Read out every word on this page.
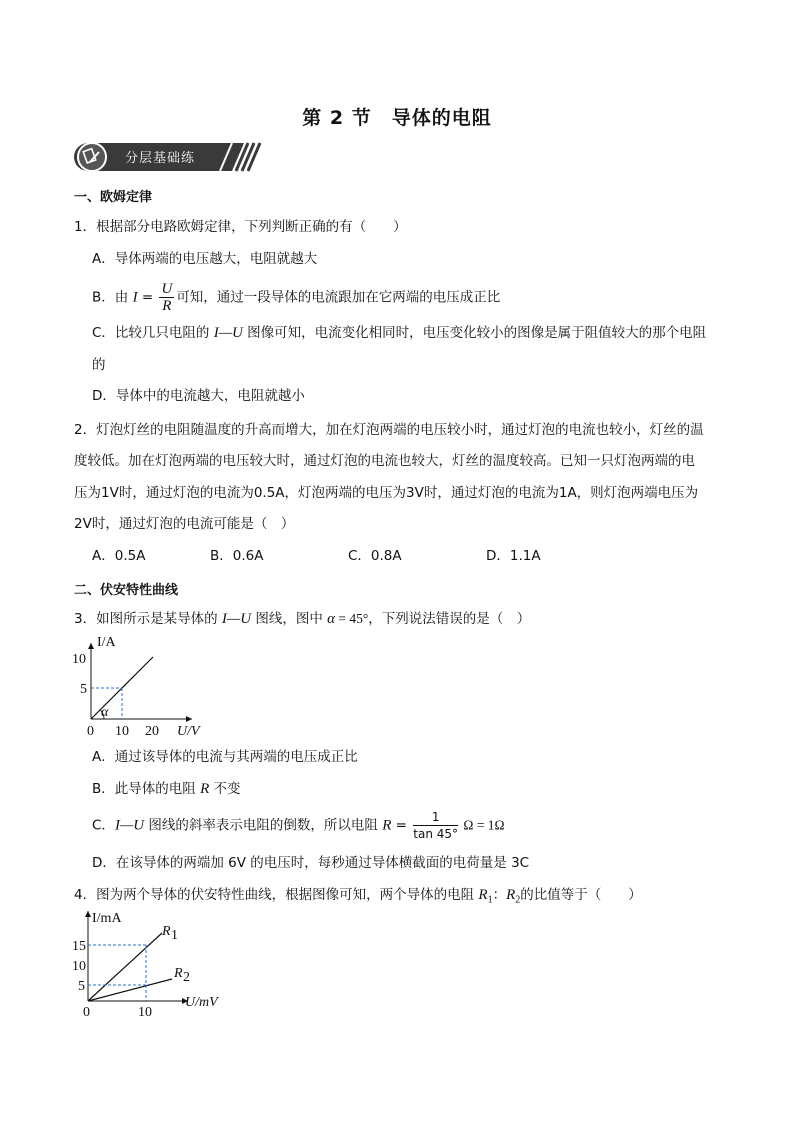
第 2 节　导体的电阻
分层基础练
一、欧姆定律
1．根据部分电路欧姆定律，下列判断正确的有（　　）
A．导体两端的电压越大，电阻就越大
B．由 $I = \frac{U}{R}$ 可知，通过一段导体的电流跟加在它两端的电压成正比
C．比较几只电阻的 I—U 图像可知，电流变化相同时，电压变化较小的图像是属于阻值较大的那个电阻
的
D．导体中的电流越大，电阻就越小
2．灯泡灯丝的电阻随温度的升高而增大，加在灯泡两端的电压较小时，通过灯泡的电流也较小，灯丝的温
度较低。加在灯泡两端的电压较大时，通过灯泡的电流也较大，灯丝的温度较高。已知一只灯泡两端的电
压为1V时，通过灯泡的电流为0.5A，灯泡两端的电压为3V时，通过灯泡的电流为1A，则灯泡两端电压为
2V时，通过灯泡的电流可能是（　）
A．0.5A	B．0.6A	C．0.8A	D．1.1A
二、伏安特性曲线
3．如图所示是某导体的 I—U 图线，图中 α = 45°，下列说法错误的是（　）
I/A
10
5
0 10 20 U/V
α
A．通过该导体的电流与其两端的电压成正比
B．此导体的电阻 R 不变
C．I—U 图线的斜率表示电阻的倒数，所以电阻 $R = \frac{1}{\tan 45^\circ}$ Ω = 1Ω
D．在该导体的两端加 6V 的电压时，每秒通过导体横截面的电荷量是 3C
4．图为两个导体的伏安特性曲线，根据图像可知，两个导体的电阻 $R_1$：$R_2$的比值等于（　　）
I/mA
15
10
5
0	10
U/mV
R 1
R 2
